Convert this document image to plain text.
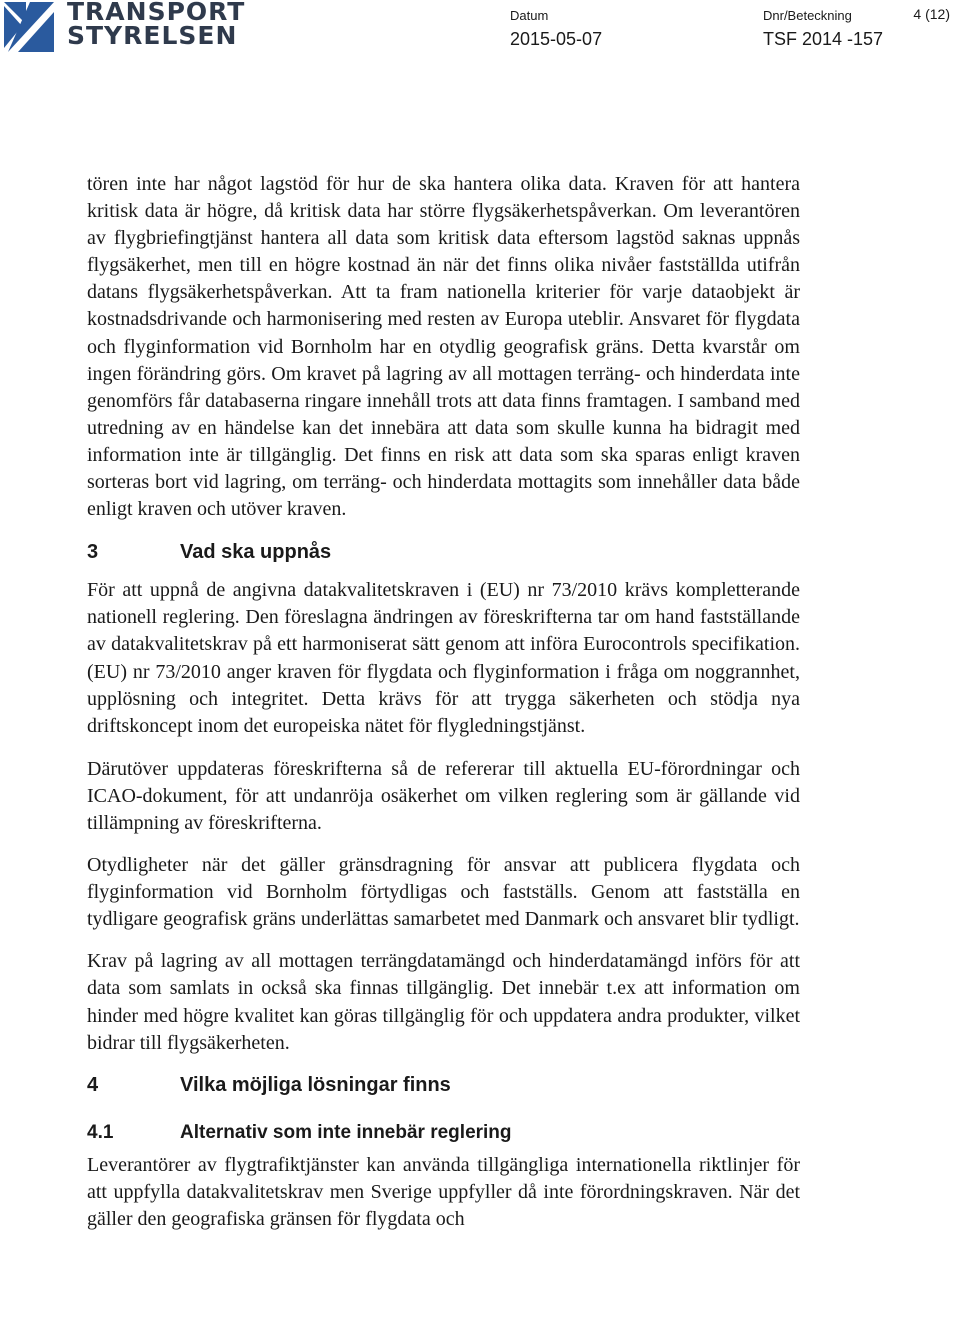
TRANSPORT
STYRELSEN
Datum
2015-05-07
Dnr/Beteckning
TSF 2014 -157
4 (12)

tören inte har något lagstöd för hur de ska hantera olika data. Kraven för att hantera kritisk data är högre, då kritisk data har större flygsäkerhetspåverkan. Om leverantören av flygbriefingtjänst hantera all data som kritisk data eftersom lagstöd saknas uppnås flygsäkerhet, men till en högre kostnad än när det finns olika nivåer fastställda utifrån datans flygsäkerhetspåverkan. Att ta fram nationella kriterier för varje dataobjekt är kostnadsdrivande och harmonisering med resten av Europa uteblir. Ansvaret för flygdata och flyginformation vid Bornholm har en otydlig geografisk gräns. Detta kvarstår om ingen förändring görs. Om kravet på lagring av all mottagen terräng- och hinderdata inte genomförs får databaserna ringare innehåll trots att data finns framtagen. I samband med utredning av en händelse kan det innebära att data som skulle kunna ha bidragit med information inte är tillgänglig. Det finns en risk att data som ska sparas enligt kraven sorteras bort vid lagring, om terräng- och hinderdata mottagits som innehåller data både enligt kraven och utöver kraven.

3	Vad ska uppnås

För att uppnå de angivna datakvalitetskraven i (EU) nr 73/2010 krävs kompletterande nationell reglering. Den föreslagna ändringen av föreskrifterna tar om hand fastställande av datakvalitetskrav på ett harmoniserat sätt genom att införa Eurocontrols specifikation. (EU) nr 73/2010 anger kraven för flygdata och flyginformation i fråga om noggrannhet, upplösning och integritet. Detta krävs för att trygga säkerheten och stödja nya driftskoncept inom det europeiska nätet för flygledningstjänst.

Därutöver uppdateras föreskrifterna så de refererar till aktuella EU-förordningar och ICAO-dokument, för att undanröja osäkerhet om vilken reglering som är gällande vid tillämpning av föreskrifterna.

Otydligheter när det gäller gränsdragning för ansvar att publicera flygdata och flyginformation vid Bornholm förtydligas och fastställs. Genom att fastställa en tydligare geografisk gräns underlättas samarbetet med Danmark och ansvaret blir tydligt.

Krav på lagring av all mottagen terrängdatamängd och hinderdatamängd införs för att data som samlats in också ska finnas tillgänglig. Det innebär t.ex att information om hinder med högre kvalitet kan göras tillgänglig för och uppdatera andra produkter, vilket bidrar till flygsäkerheten.

4	Vilka möjliga lösningar finns
4.1	Alternativ som inte innebär reglering

Leverantörer av flygtrafiktjänster kan använda tillgängliga internationella riktlinjer för att uppfylla datakvalitetskrav men Sverige uppfyller då inte förordningskraven. När det gäller den geografiska gränsen för flygdata och
